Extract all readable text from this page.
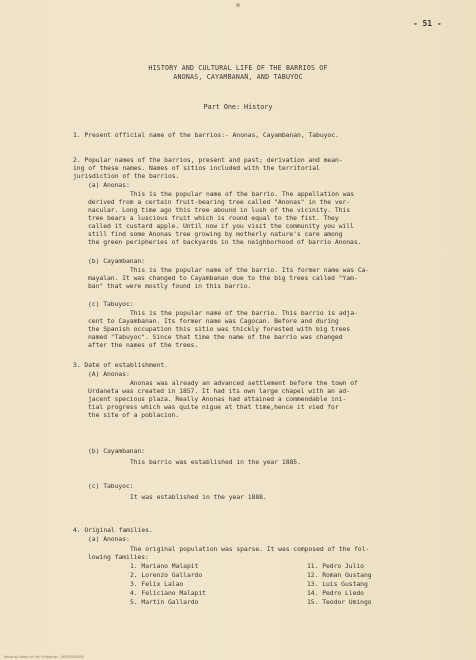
- 51 -
HISTORY AND CULTURAL LIFE OF THE BARRIOS OF
ANONAS, CAYAMBANAN, AND TABUYOC
Part One: History
1. Present official name of the barrios:- Anonas, Cayambanan, Tabuyoc.
2. Popular names of the barrios, present and past; derivation and mean-
ing of these names. Names of sitios included with the territorial
jurisdiction of the barrios.
(a) Anonas:
This is the popular name of the barrio. The appellation was
derived from a certain fruit-bearing tree called "Anonas" in the ver-
nacular. Long time ago this tree abound in lush of the vicinity. This
tree bears a luscious fruit which is round equal to the fist. They
called it custard apple. Until now if you visit the community you will
still find some Anonas tree growing by motherly nature's care among
the green peripheries of backyards in the neighborhood of barrio Anonas.
(b) Cayambanan:
This is the popular name of the barrio. Its former name was Ca-
mayalan. It was changed to Cayambanan due to the big trees called "Yam-
ban" that were mostly found in this barrio.
(c) Tabuyoc:
This is the popular name of the barrio. This barrio is adja-
cent to Cayambanan. Its former name was Cagocan. Before and during
the Spanish occupation this sitio was thickly forested with big trees
named "Tabuyoc". Since that time the name of the barrio was changed
after the names of the trees.
3. Date of establishment.
(A) Anonas:
Anonas was already an advanced settlement before the town of
Urdaneta was created in 1857. It had its own large chapel with an ad-
jacent specious plaza. Really Anonas had attained a commendable ini-
tial progress which was quite nigue at that time,hence it vied for
the site of a poblacion.
(b) Cayambanan:
This barrio was established in the year 1885.
(c) Tabuyoc:
It was established in the year 1888.
4. Original families.
(a) Anonas:
The original population was sparse. It was composed of the fol-
lowing families:
1. Mariano Malapit
2. Lorenzo Gallardo
3. Felix Lalao
4. Feliciano Malapit
5. Martin Gallardo
11. Pedro Julio
12. Roman Gustang
13. Luis Gustang
14. Pedro Lledo
15. Teodor Umingo
National Library of the Philippines - HDP00000000
